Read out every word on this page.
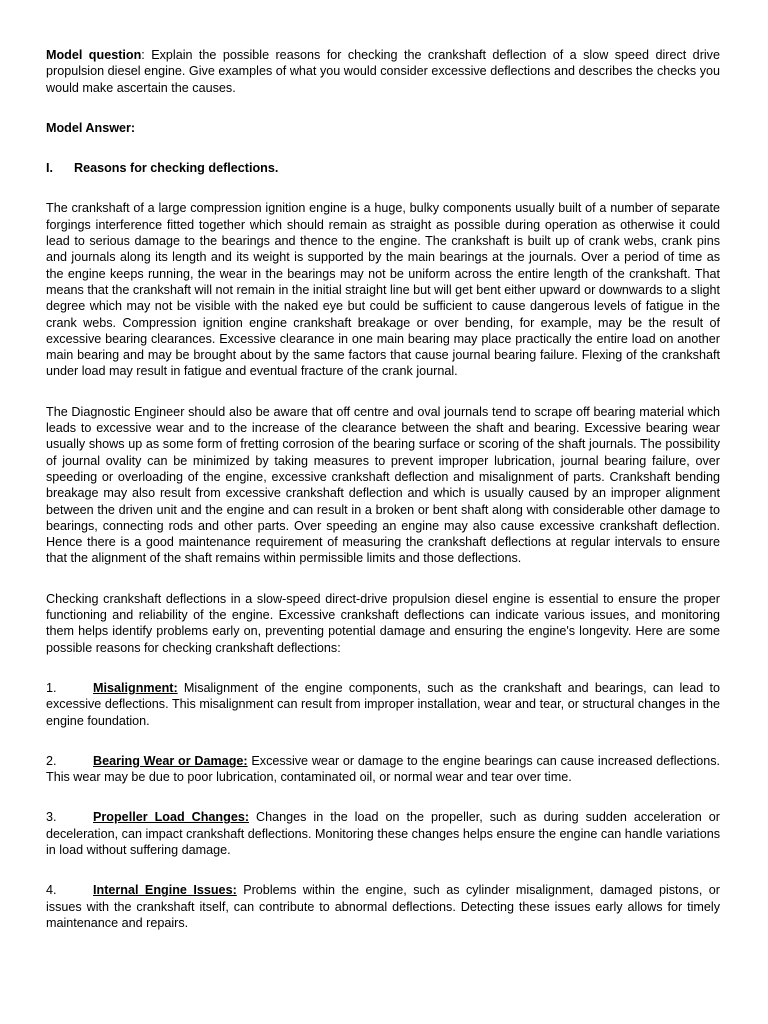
Model question: Explain the possible reasons for checking the crankshaft deflection of a slow speed direct drive propulsion diesel engine. Give examples of what you would consider excessive deflections and describes the checks you would make ascertain the causes.

Model Answer:

I. Reasons for checking deflections.

The crankshaft of a large compression ignition engine is a huge, bulky components usually built of a number of separate forgings interference fitted together which should remain as straight as possible during operation as otherwise it could lead to serious damage to the bearings and thence to the engine. The crankshaft is built up of crank webs, crank pins and journals along its length and its weight is supported by the main bearings at the journals. Over a period of time as the engine keeps running, the wear in the bearings may not be uniform across the entire length of the crankshaft. That means that the crankshaft will not remain in the initial straight line but will get bent either upward or downwards to a slight degree which may not be visible with the naked eye but could be sufficient to cause dangerous levels of fatigue in the crank webs. Compression ignition engine crankshaft breakage or over bending, for example, may be the result of excessive bearing clearances. Excessive clearance in one main bearing may place practically the entire load on another main bearing and may be brought about by the same factors that cause journal bearing failure. Flexing of the crankshaft under load may result in fatigue and eventual fracture of the crank journal.

The Diagnostic Engineer should also be aware that off centre and oval journals tend to scrape off bearing material which leads to excessive wear and to the increase of the clearance between the shaft and bearing. Excessive bearing wear usually shows up as some form of fretting corrosion of the bearing surface or scoring of the shaft journals. The possibility of journal ovality can be minimized by taking measures to prevent improper lubrication, journal bearing failure, over speeding or overloading of the engine, excessive crankshaft deflection and misalignment of parts. Crankshaft bending breakage may also result from excessive crankshaft deflection and which is usually caused by an improper alignment between the driven unit and the engine and can result in a broken or bent shaft along with considerable other damage to bearings, connecting rods and other parts. Over speeding an engine may also cause excessive crankshaft deflection. Hence there is a good maintenance requirement of measuring the crankshaft deflections at regular intervals to ensure that the alignment of the shaft remains within permissible limits and those deflections.

Checking crankshaft deflections in a slow-speed direct-drive propulsion diesel engine is essential to ensure the proper functioning and reliability of the engine. Excessive crankshaft deflections can indicate various issues, and monitoring them helps identify problems early on, preventing potential damage and ensuring the engine's longevity. Here are some possible reasons for checking crankshaft deflections:

1.	Misalignment: Misalignment of the engine components, such as the crankshaft and bearings, can lead to excessive deflections. This misalignment can result from improper installation, wear and tear, or structural changes in the engine foundation.

2.	Bearing Wear or Damage: Excessive wear or damage to the engine bearings can cause increased deflections. This wear may be due to poor lubrication, contaminated oil, or normal wear and tear over time.

3.	Propeller Load Changes: Changes in the load on the propeller, such as during sudden acceleration or deceleration, can impact crankshaft deflections. Monitoring these changes helps ensure the engine can handle variations in load without suffering damage.

4.	Internal Engine Issues: Problems within the engine, such as cylinder misalignment, damaged pistons, or issues with the crankshaft itself, can contribute to abnormal deflections. Detecting these issues early allows for timely maintenance and repairs.
